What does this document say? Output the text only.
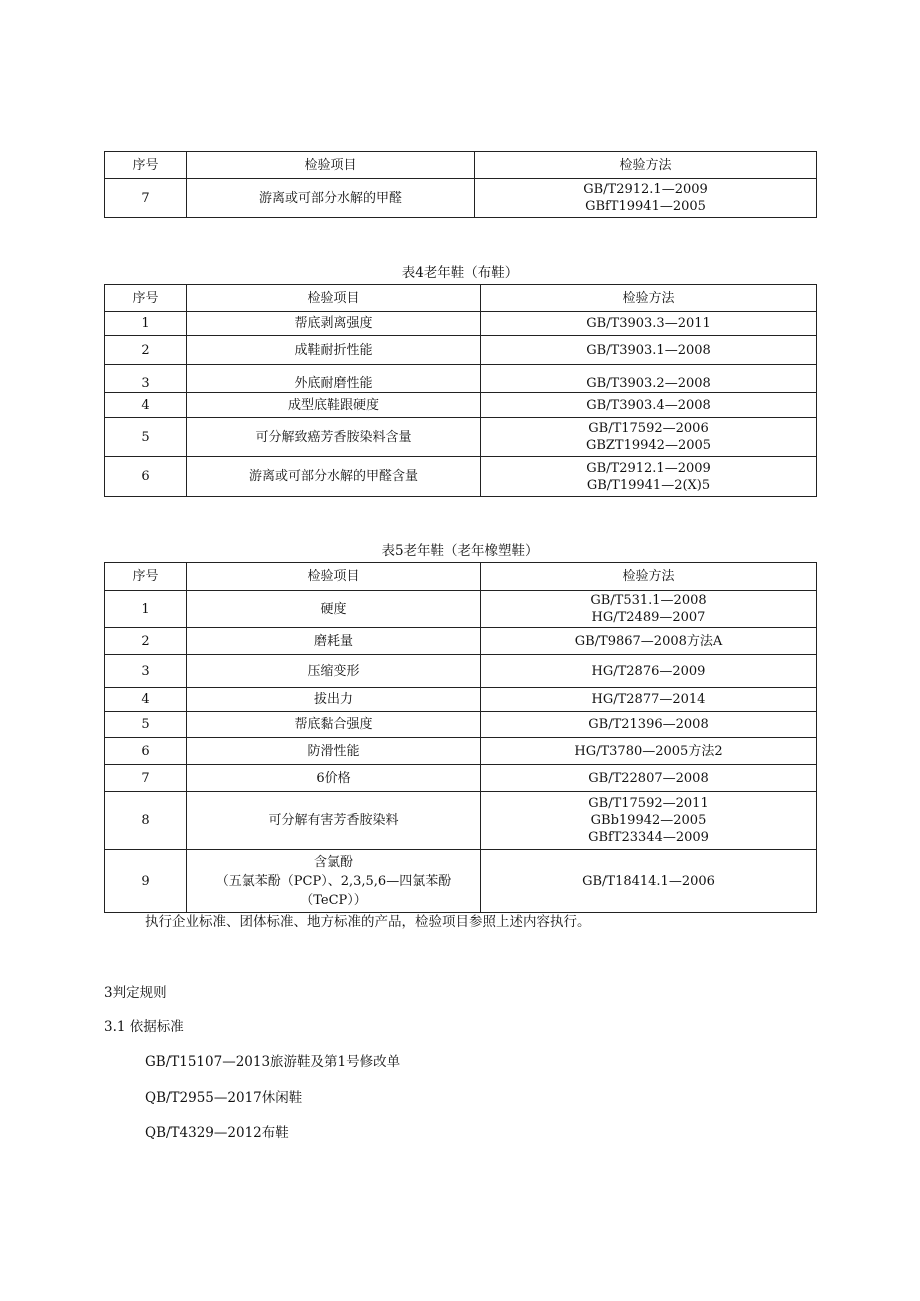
序号	检验项目	检验方法
7	游离或可部分水解的甲醛	GB/T2912.1—2009
GBfT19941—2005
表4老年鞋（布鞋）
序号	检验项目	检验方法
1	帮底剥离强度	GB/T3903.3—2011
2	成鞋耐折性能	GB/T3903.1—2008
3	外底耐磨性能	GB/T3903.2—2008
4	成型底鞋跟硬度	GB/T3903.4—2008
5	可分解致癌芳香胺染料含量	GB/T17592—2006
GBZT19942—2005

6	游离或可部分水解的甲醛含量	GB/T2912.1—2009
GB/T19941—2(X)5
表5老年鞋（老年橡塑鞋）
序号	检验项目	检验方法
1	硬度	GB/T531.1—2008
HG/T2489—2007

2	磨耗量	GB/T9867—2008方法A
3	压缩变形	HG/T2876—2009
4	拔出力	HG/T2877—2014
5	帮底黏合强度	GB/T21396—2008
6	防滑性能	HG/T3780—2005方法2
7	6价格	GB/T22807—2008
8	可分解有害芳香胺染料	GB/T17592—2011
GBb19942—2005
GBfT23344—2009

9	含氯酚
（五氯苯酚（PCP）、2,3,5,6—四氯苯酚
（TeCP））	GB/T18414.1—2006
执行企业标准、团体标准、地方标准的产品，检验项目参照上述内容执行。
3判定规则
3.1 依据标准
GB/T15107—2013旅游鞋及第1号修改单
QB/T2955—2017休闲鞋
QB/T4329—2012布鞋
